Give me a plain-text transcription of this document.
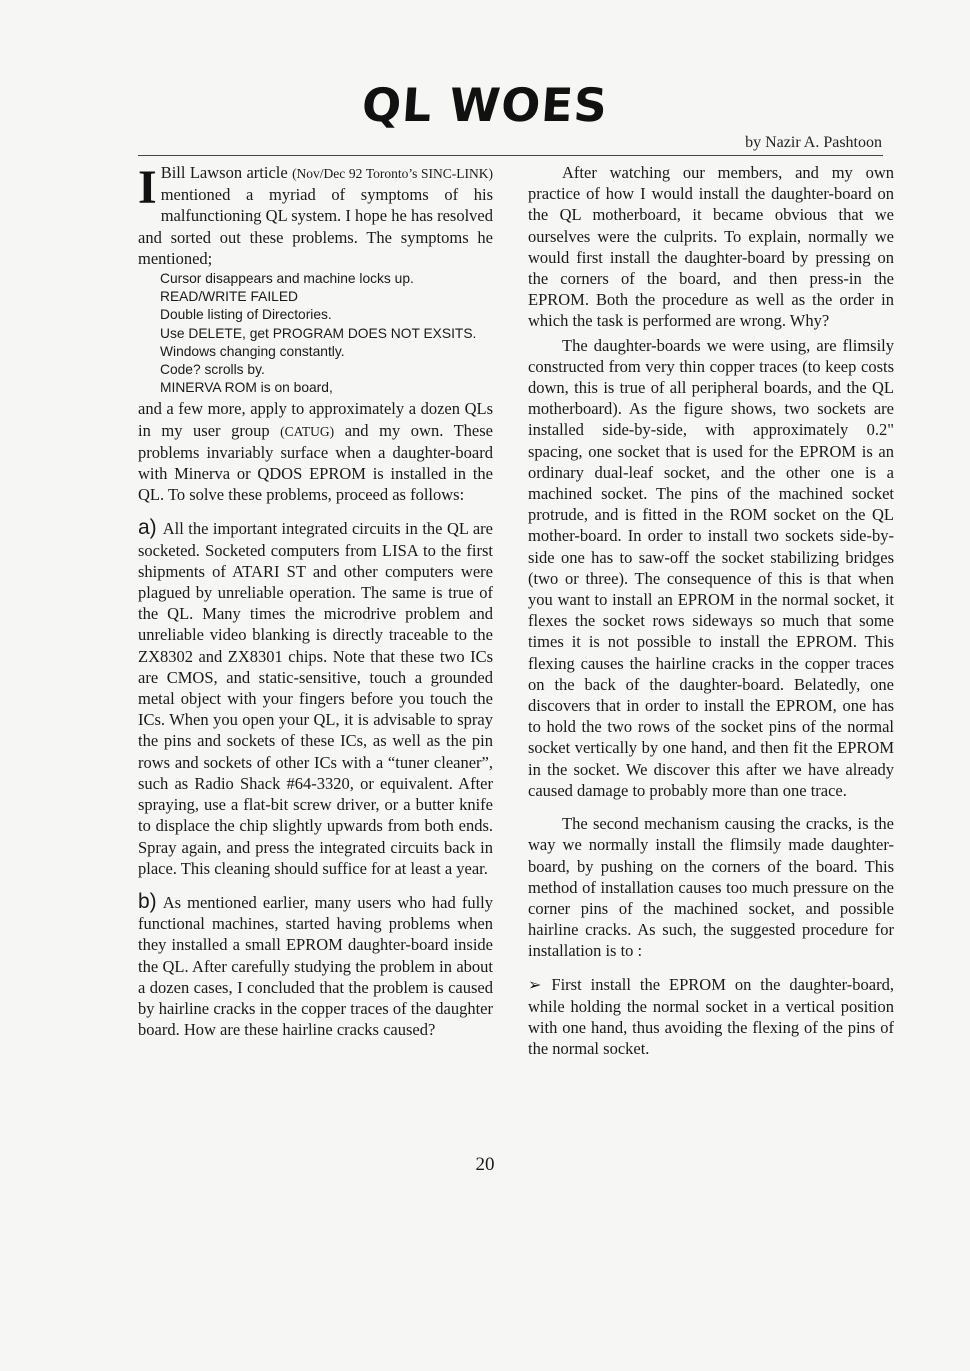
QL WOES
by Nazir A. Pashtoon

I Bill Lawson article (Nov/Dec 92 Toronto’s SINC-LINK) mentioned a myriad of symptoms of his malfunctioning QL system. I hope he has resolved and sorted out these problems. The symptoms he mentioned;

Cursor disappears and machine locks up.
READ/WRITE FAILED
Double listing of Directories.
Use DELETE, get PROGRAM DOES NOT EXSITS.
Windows changing constantly.
Code? scrolls by.
MINERVA ROM is on board,

and a few more, apply to approximately a dozen QLs in my user group (CATUG) and my own. These problems invariably surface when a daughter-board with Minerva or QDOS EPROM is installed in the QL. To solve these problems, proceed as follows:

a) All the important integrated circuits in the QL are socketed. Socketed computers from LISA to the first shipments of ATARI ST and other computers were plagued by unreliable operation. The same is true of the QL. Many times the microdrive problem and unreliable video blanking is directly traceable to the ZX8302 and ZX8301 chips. Note that these two ICs are CMOS, and static-sensitive, touch a grounded metal object with your fingers before you touch the ICs. When you open your QL, it is advisable to spray the pins and sockets of these ICs, as well as the pin rows and sockets of other ICs with a “tuner cleaner”, such as Radio Shack #64-3320, or equivalent. After spraying, use a flat-bit screw driver, or a butter knife to displace the chip slightly upwards from both ends. Spray again, and press the integrated circuits back in place. This cleaning should suffice for at least a year.

b) As mentioned earlier, many users who had fully functional machines, started having problems when they installed a small EPROM daughter-board inside the QL. After carefully studying the problem in about a dozen cases, I concluded that the problem is caused by hairline cracks in the copper traces of the daughter board. How are these hairline cracks caused?

After watching our members, and my own practice of how I would install the daughter-board on the QL motherboard, it became obvious that we ourselves were the culprits. To explain, normally we would first install the daughter-board by pressing on the corners of the board, and then press-in the EPROM. Both the procedure as well as the order in which the task is performed are wrong. Why?

The daughter-boards we were using, are flimsily constructed from very thin copper traces (to keep costs down, this is true of all peripheral boards, and the QL motherboard). As the figure shows, two sockets are installed side-by-side, with approximately 0.2" spacing, one socket that is used for the EPROM is an ordinary dual-leaf socket, and the other one is a machined socket. The pins of the machined socket protrude, and is fitted in the ROM socket on the QL mother-board. In order to install two sockets side-by-side one has to saw-off the socket stabilizing bridges (two or three). The consequence of this is that when you want to install an EPROM in the normal socket, it flexes the socket rows sideways so much that some times it is not possible to install the EPROM. This flexing causes the hairline cracks in the copper traces on the back of the daughter-board. Belatedly, one discovers that in order to install the EPROM, one has to hold the two rows of the socket pins of the normal socket vertically by one hand, and then fit the EPROM in the socket. We discover this after we have already caused damage to probably more than one trace.

The second mechanism causing the cracks, is the way we normally install the flimsily made daughter-board, by pushing on the corners of the board. This method of installation causes too much pressure on the corner pins of the machined socket, and possible hairline cracks. As such, the suggested procedure for installation is to :

➢ First install the EPROM on the daughter-board, while holding the normal socket in a vertical position with one hand, thus avoiding the flexing of the pins of the normal socket.

20
